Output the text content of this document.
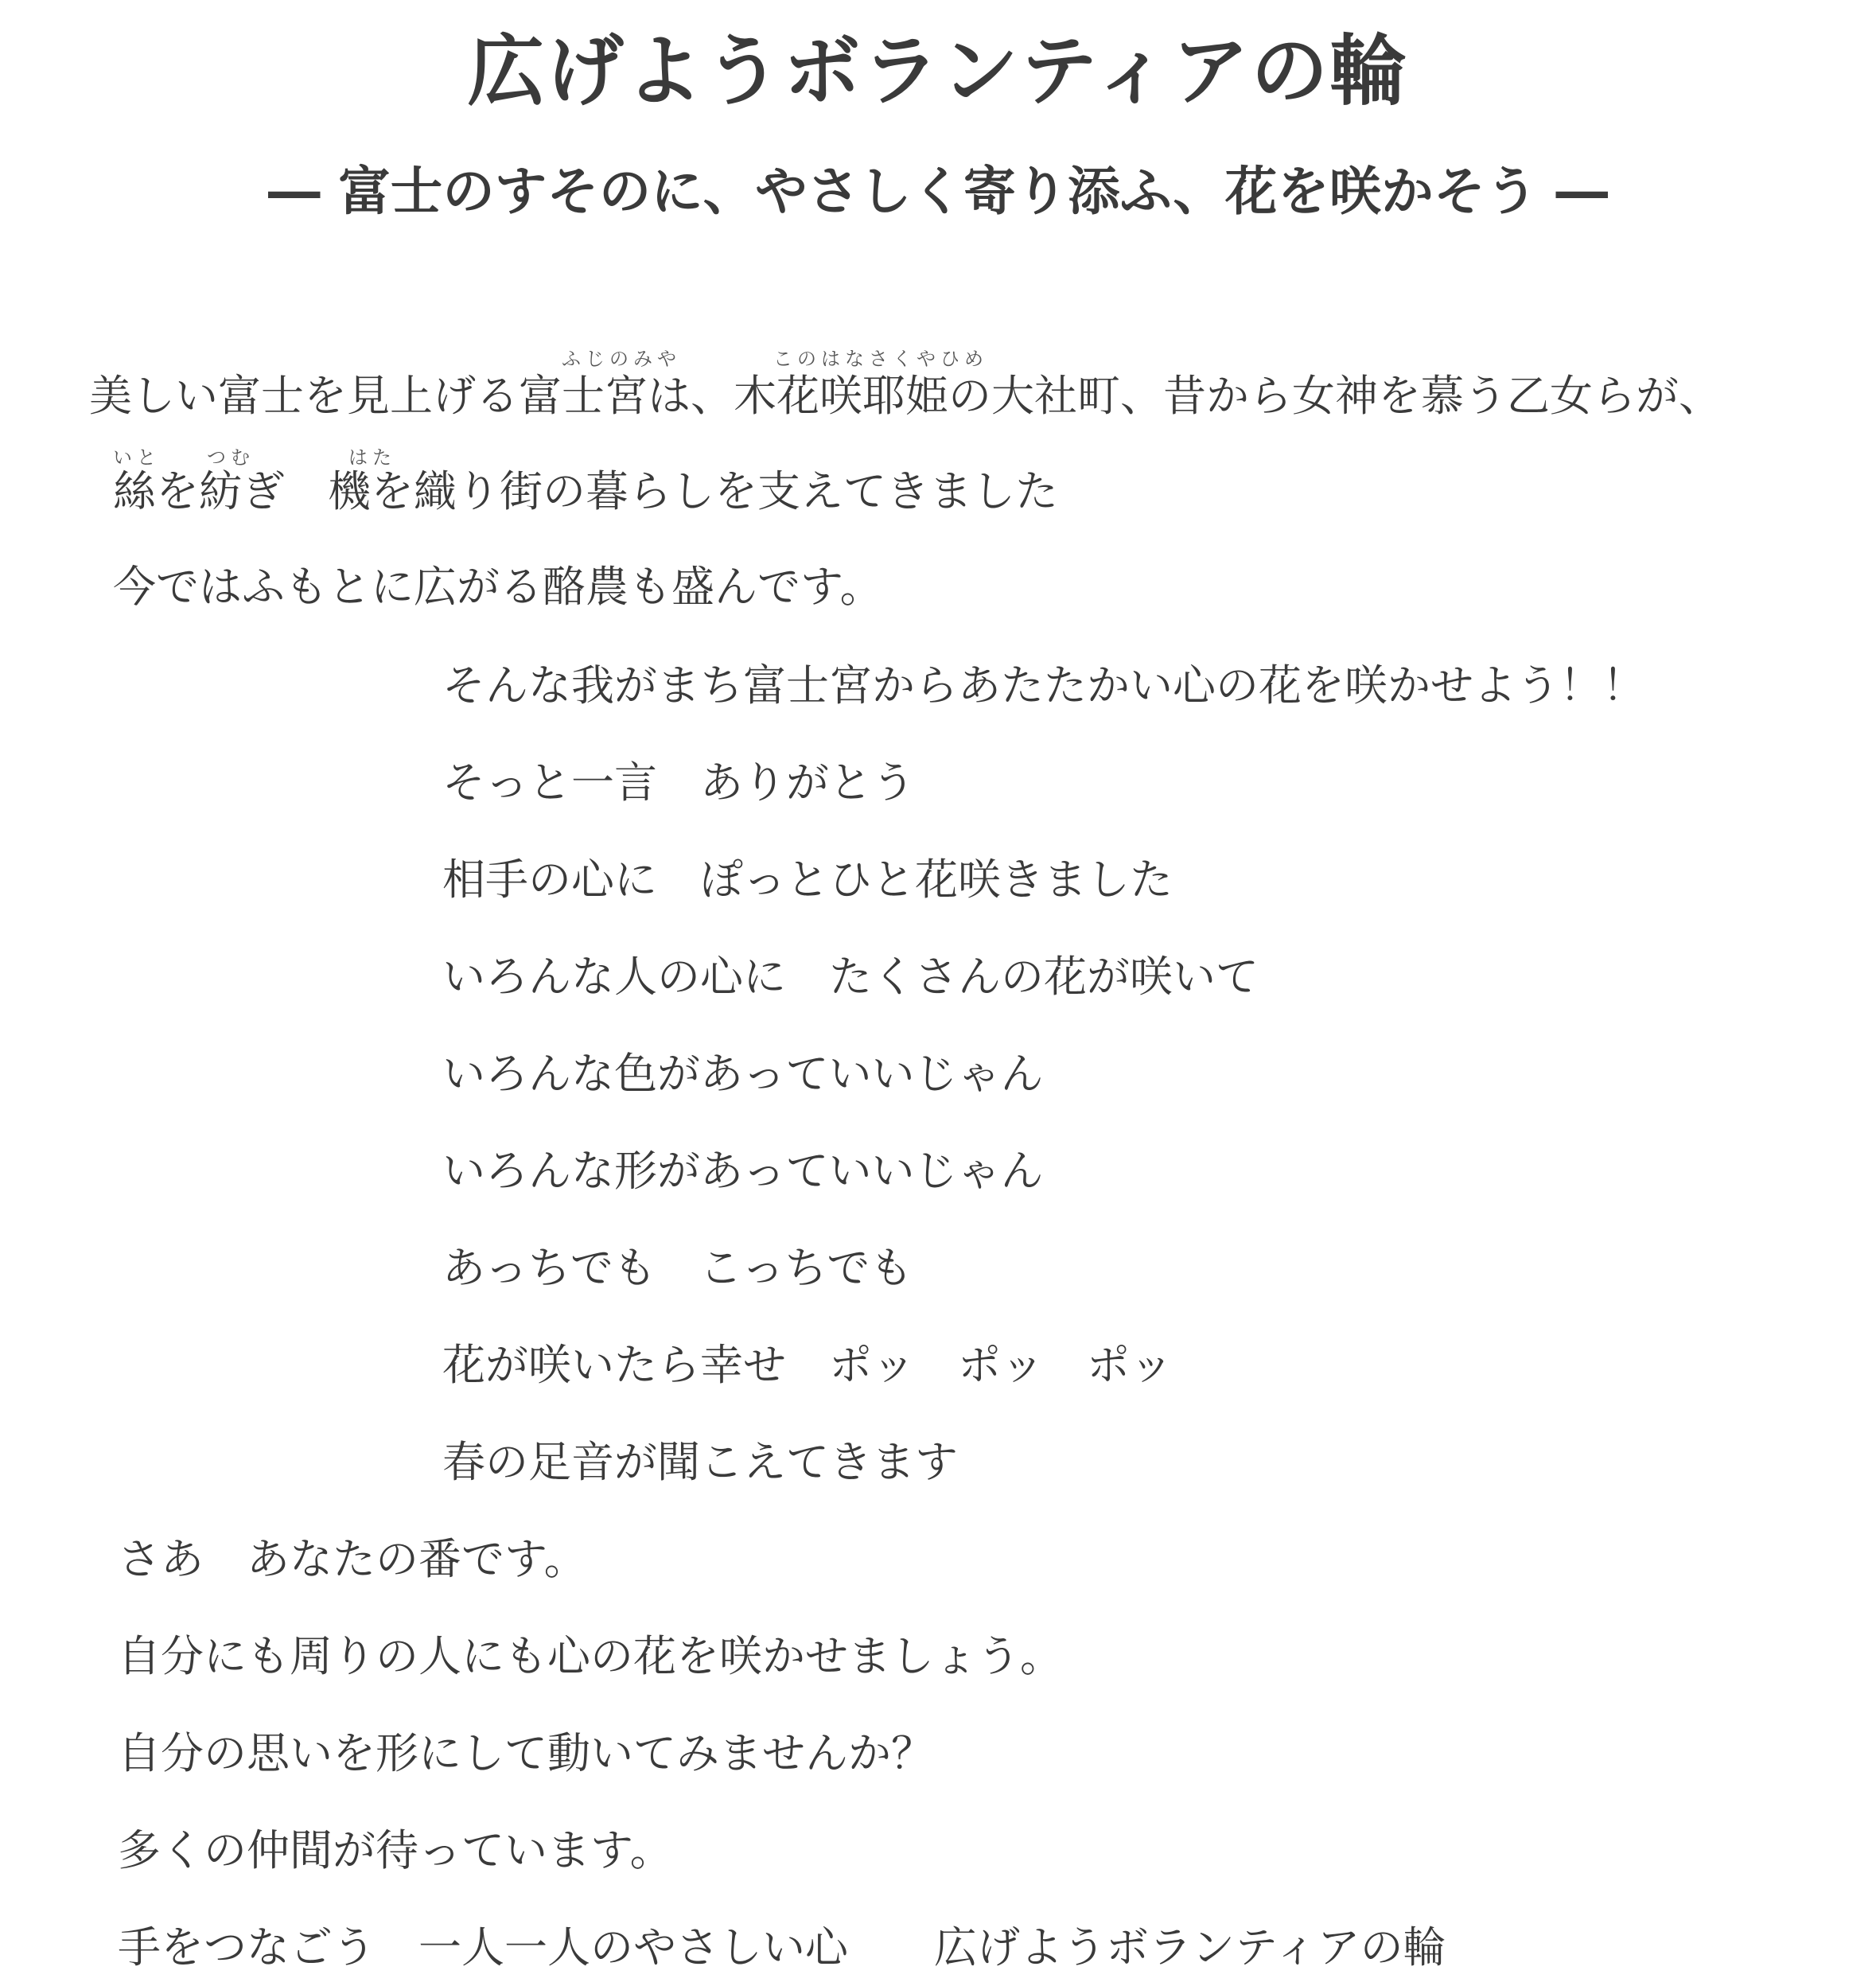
広げようボランティアの輪
― 富士のすそのに、やさしく寄り添ふ、花を咲かそう ―
ふじのみや	このはなさくやひめ
美しい富士を見上げる富士宮は、木花咲耶姫の大社町、昔から女神を慕う乙女らが、
いと つむ	はた
絲を紡ぎ 機を織り街の暮らしを支えてきました
今ではふもとに広がる酪農も盛んです。
そんな我がまち富士宮からあたたかい心の花を咲かせよう！！
そっと一言　ありがとう
相手の心に　ぽっとひと花咲きました
いろんな人の心に　たくさんの花が咲いて
いろんな色があっていいじゃん
いろんな形があっていいじゃん
あっちでも　こっちでも
花が咲いたら幸せ　ポッ　ポッ　ポッ
春の足音が聞こえてきます
さあ　あなたの番です。
自分にも周りの人にも心の花を咲かせましょう。
自分の思いを形にして動いてみませんか？
多くの仲間が待っています。
手をつなごう　一人一人のやさしい心　　広げようボランティアの輪
